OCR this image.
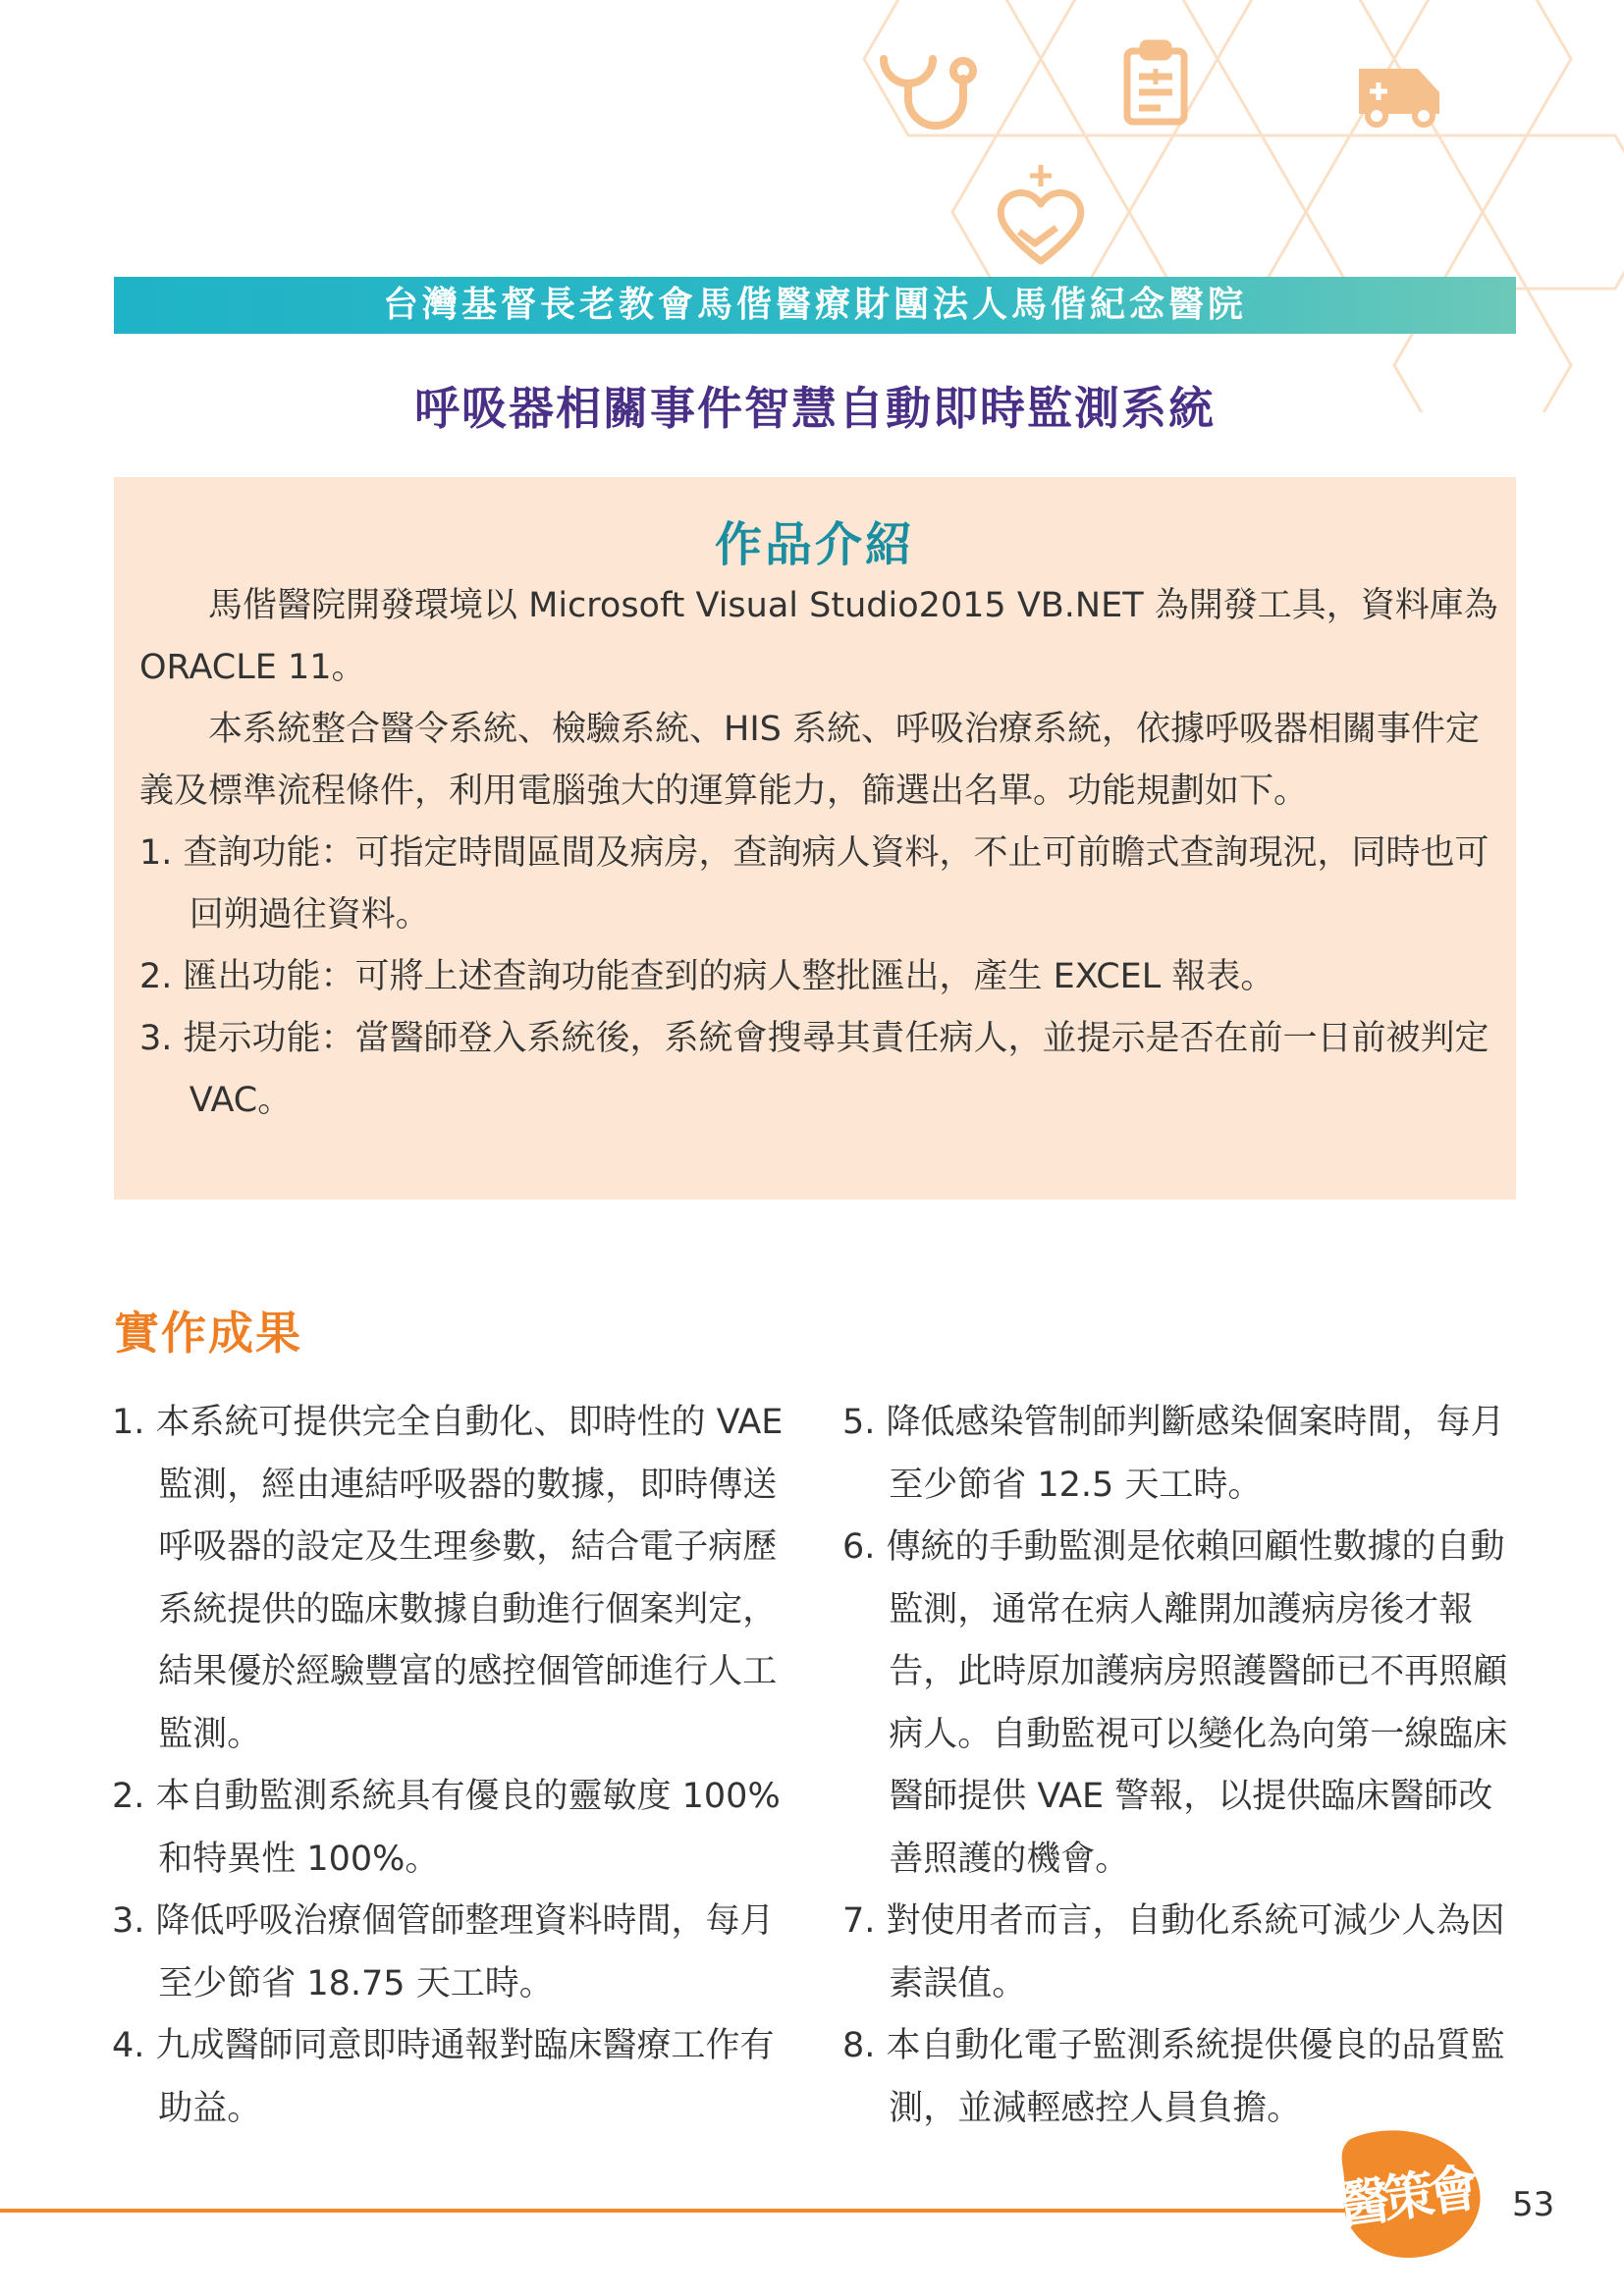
台灣基督長老教會馬偕醫療財團法人馬偕紀念醫院
呼吸器相關事件智慧自動即時監測系統
作品介紹

馬偕醫院開發環境以 Microsoft Visual Studio2015 VB.NET 為開發工具，資料庫為 ORACLE 11。

本系統整合醫令系統、檢驗系統、HIS 系統、呼吸治療系統，依據呼吸器相關事件定義及標準流程條件，利用電腦強大的運算能力，篩選出名單。功能規劃如下。

1. 查詢功能：可指定時間區間及病房，查詢病人資料，不止可前瞻式查詢現況，同時也可回朔過往資料。
2. 匯出功能：可將上述查詢功能查到的病人整批匯出，產生 EXCEL 報表。
3. 提示功能：當醫師登入系統後，系統會搜尋其責任病人，並提示是否在前一日前被判定 VAC。
實作成果
1. 本系統可提供完全自動化、即時性的 VAE 監測，經由連結呼吸器的數據，即時傳送呼吸器的設定及生理參數，結合電子病歷系統提供的臨床數據自動進行個案判定，結果優於經驗豐富的感控個管師進行人工監測。
2. 本自動監測系統具有優良的靈敏度 100% 和特異性 100%。
3. 降低呼吸治療個管師整理資料時間，每月至少節省 18.75 天工時。
4. 九成醫師同意即時通報對臨床醫療工作有助益。
5. 降低感染管制師判斷感染個案時間，每月至少節省 12.5 天工時。
6. 傳統的手動監測是依賴回顧性數據的自動監測，通常在病人離開加護病房後才報告，此時原加護病房照護醫師已不再照顧病人。自動監視可以變化為向第一線臨床醫師提供 VAE 警報，以提供臨床醫師改善照護的機會。
7. 對使用者而言，自動化系統可減少人為因素誤值。
8. 本自動化電子監測系統提供優良的品質監測，並減輕感控人員負擔。
醫策會 53
